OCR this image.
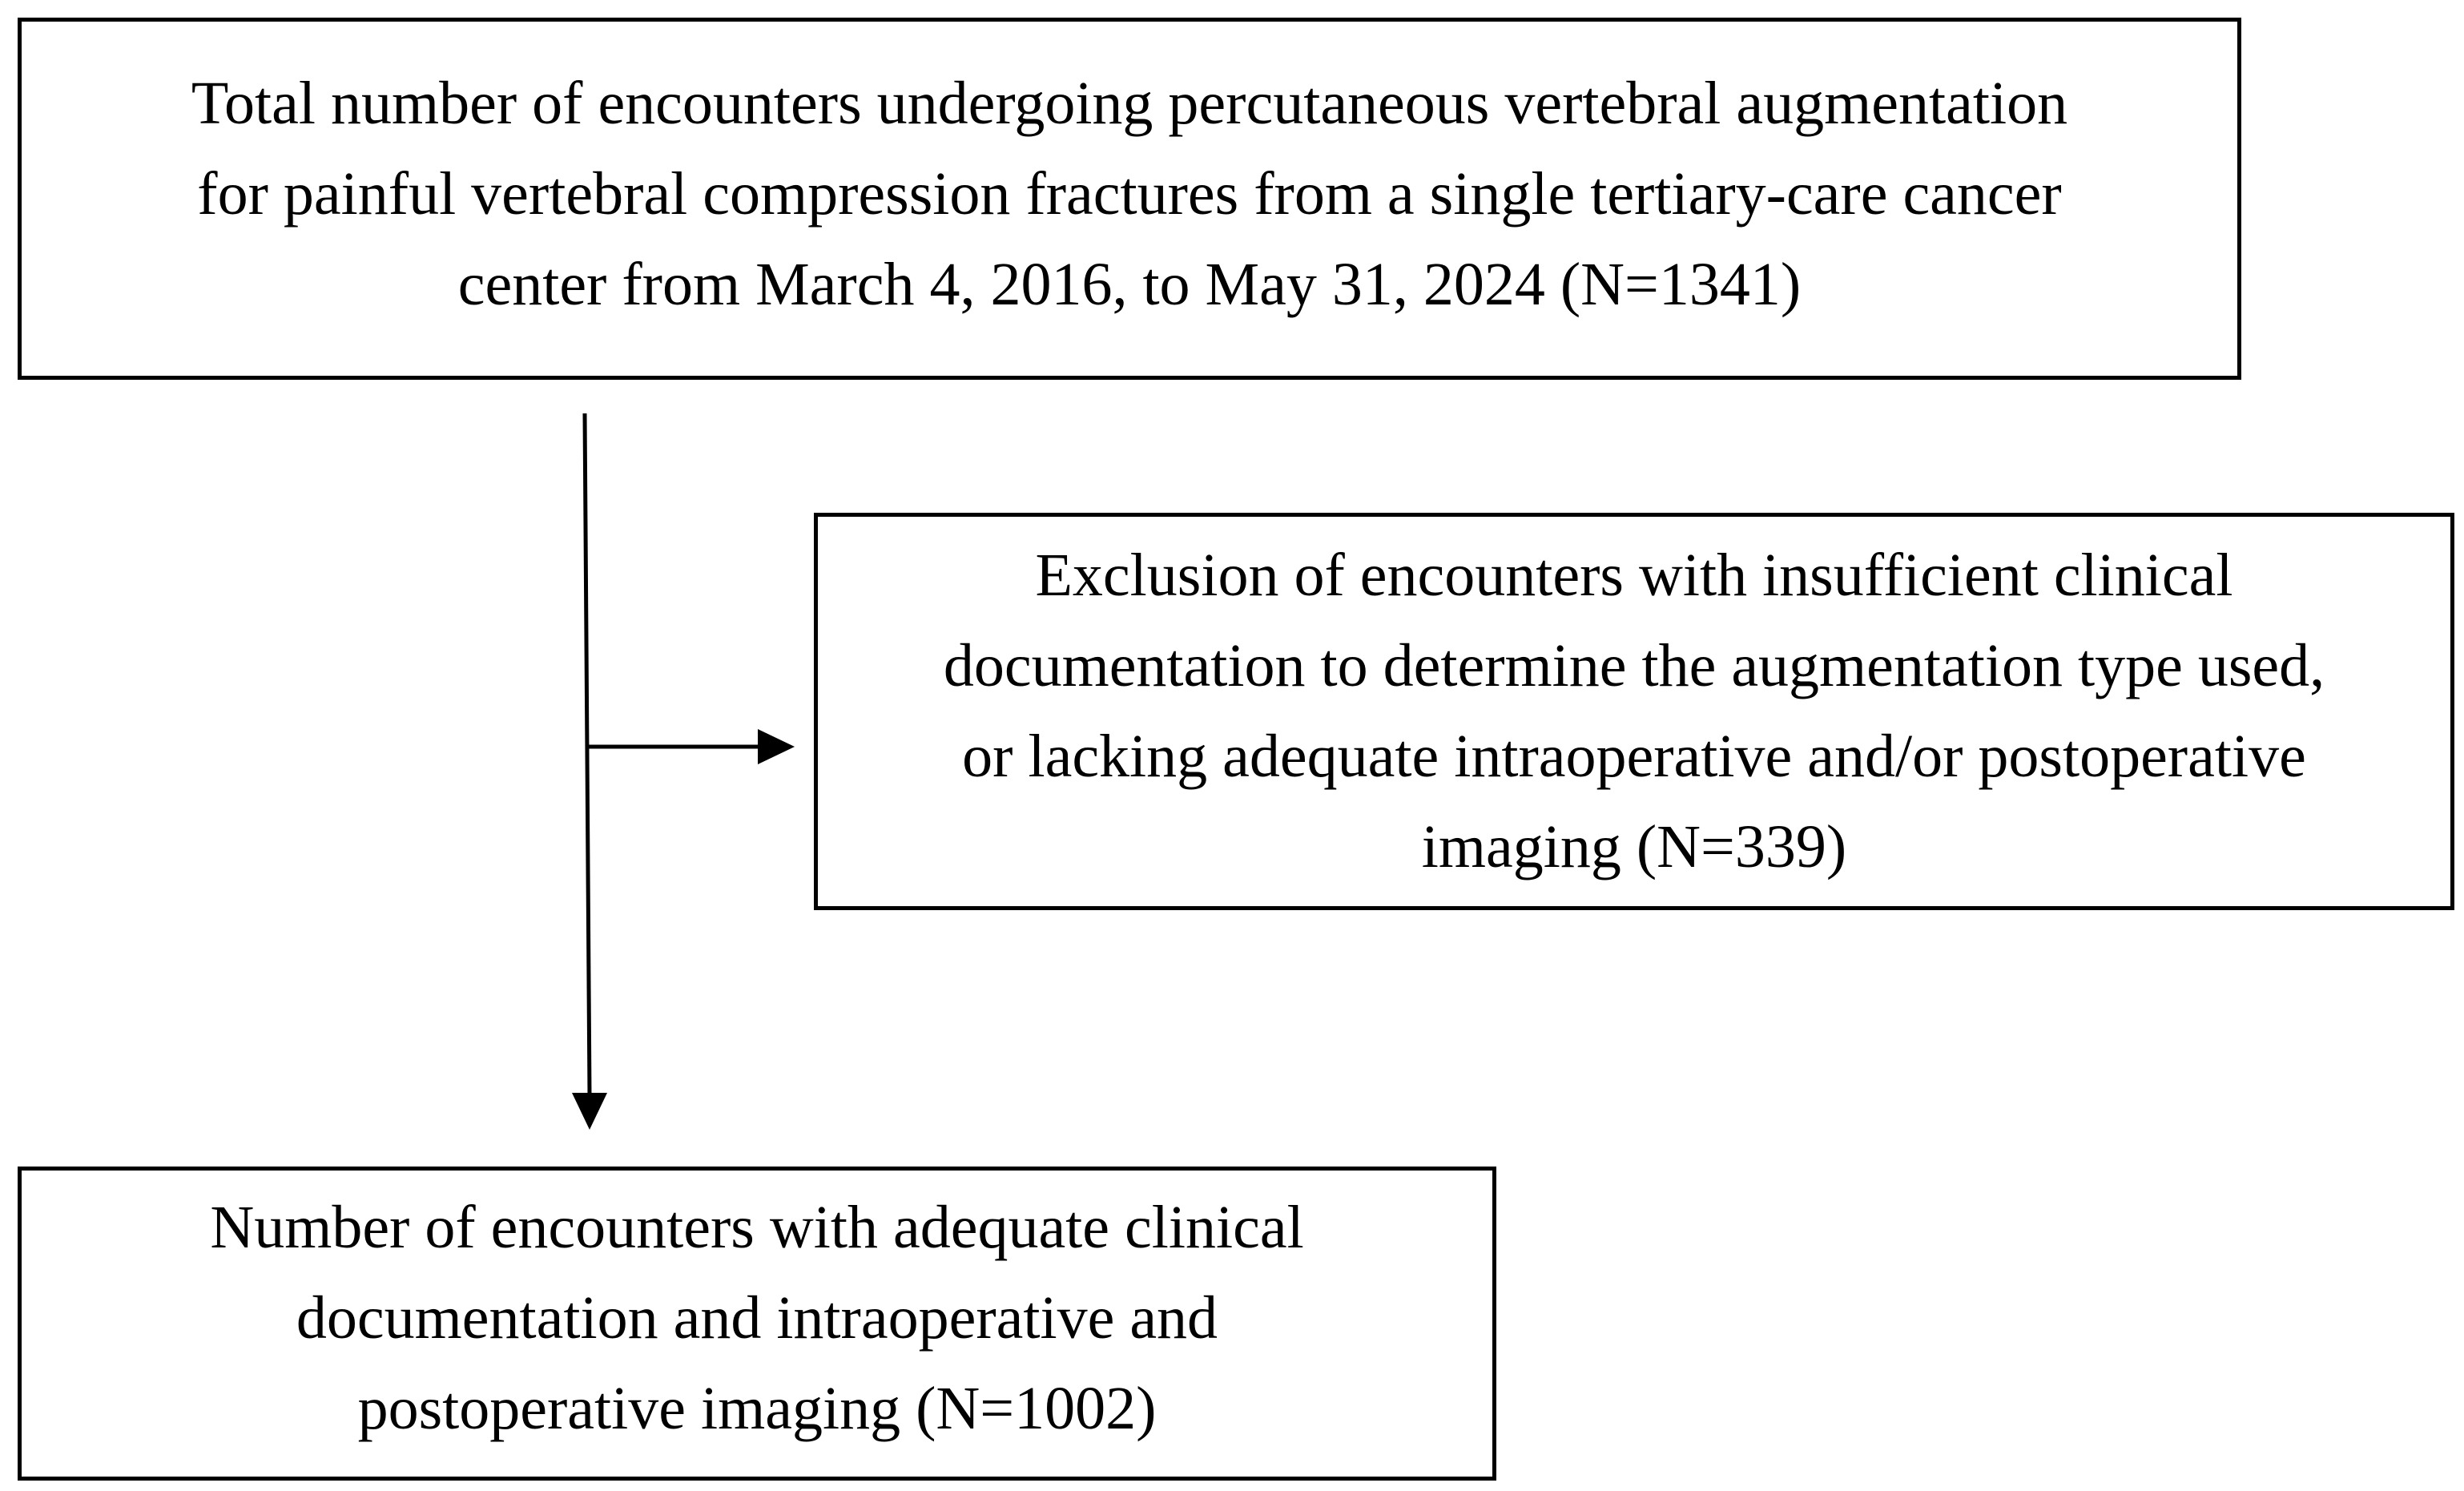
Total number of encounters undergoing percutaneous vertebral augmentation
for painful vertebral compression fractures from a single tertiary-care cancer
center from March 4, 2016, to May 31, 2024 (N=1341)
Exclusion of encounters with insufficient clinical
documentation to determine the augmentation type used,
or lacking adequate intraoperative and/or postoperative
imaging (N=339)
Number of encounters with adequate clinical
documentation and intraoperative and
postoperative imaging (N=1002)
